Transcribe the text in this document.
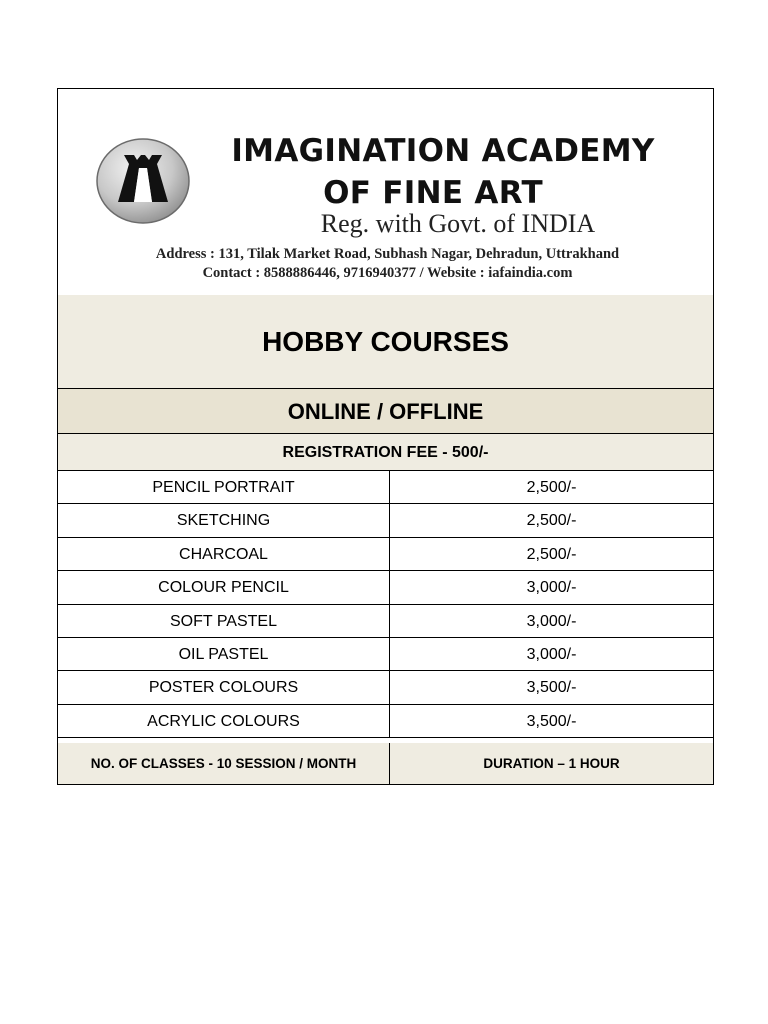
IMAGINATION ACADEMY
OF FINE ART
Reg. with Govt. of INDIA
Address : 131, Tilak Market Road, Subhash Nagar, Dehradun, Uttrakhand
Contact : 8588886446, 9716940377 / Website : iafaindia.com
HOBBY COURSES
ONLINE / OFFLINE
REGISTRATION FEE - 500/-
PENCIL PORTRAIT	2,500/-
SKETCHING	2,500/-
CHARCOAL	2,500/-
COLOUR PENCIL	3,000/-
SOFT PASTEL	3,000/-
OIL PASTEL	3,000/-
POSTER COLOURS	3,500/-
ACRYLIC COLOURS	3,500/-
NO. OF CLASSES - 10 SESSION / MONTH	DURATION – 1 HOUR
